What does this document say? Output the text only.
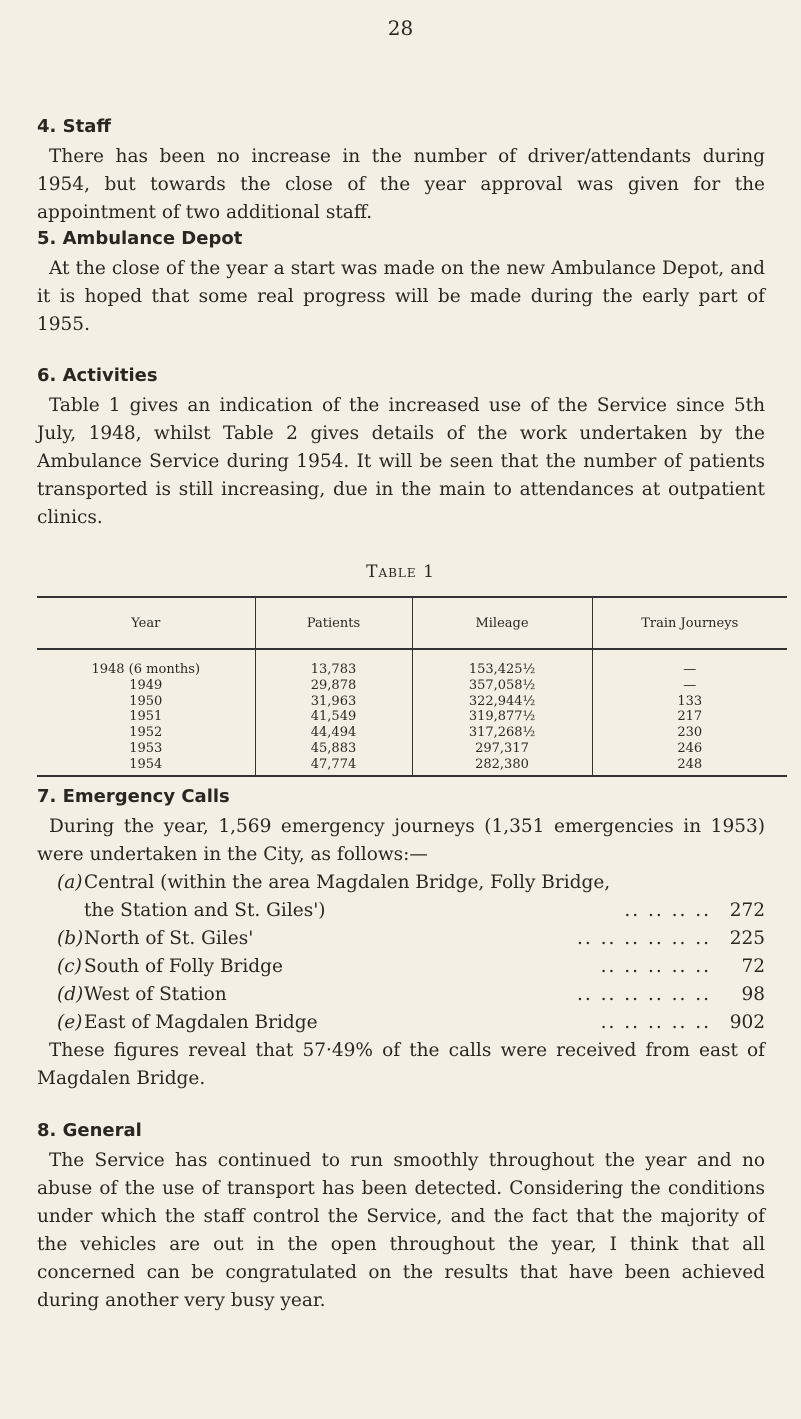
28
4. Staff
There has been no increase in the number of driver/attendants during 1954, but towards the close of the year approval was given for the appointment of two additional staff.
5. Ambulance Depot
At the close of the year a start was made on the new Ambulance Depot, and it is hoped that some real progress will be made during the early part of 1955.
6. Activities
Table 1 gives an indication of the increased use of the Service since 5th July, 1948, whilst Table 2 gives details of the work undertaken by the Ambulance Service during 1954. It will be seen that the number of patients transported is still increasing, due in the main to attendances at outpatient clinics.
Table 1
Year	Patients	Mileage	Train Journeys
1948 (6 months)	13,783	153,425½	—
1949	29,878	357,058½	—
1950	31,963	322,944½	133
1951	41,549	319,877½	217
1952	44,494	317,268½	230
1953	45,883	297,317	246
1954	47,774	282,380	248
7. Emergency Calls
During the year, 1,569 emergency journeys (1,351 emergencies in 1953) were undertaken in the City, as follows:—
(a) Central (within the area Magdalen Bridge, Folly Bridge,
the Station and St. Giles')	.. .. .. ..	272
(b) North of St. Giles'	.. .. .. .. .. ..	225
(c) South of Folly Bridge	.. .. .. .. ..	72
(d) West of Station	.. .. .. .. .. ..	98
(e) East of Magdalen Bridge	.. .. .. .. ..	902
These figures reveal that 57·49% of the calls were received from east of Magdalen Bridge.
8. General
The Service has continued to run smoothly throughout the year and no abuse of the use of transport has been detected. Considering the conditions under which the staff control the Service, and the fact that the majority of the vehicles are out in the open throughout the year, I think that all concerned can be congratulated on the results that have been achieved during another very busy year.
